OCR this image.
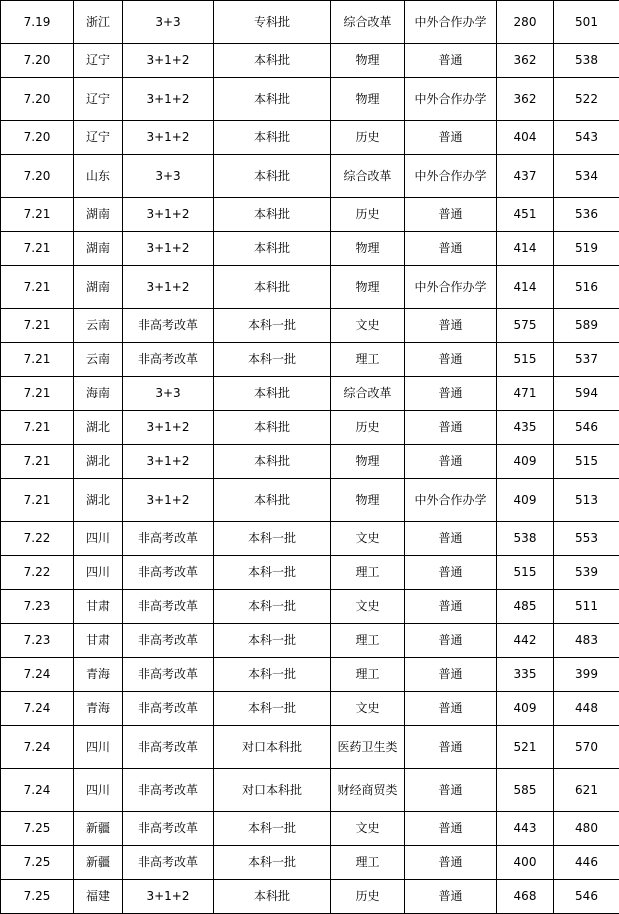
7.19	浙江	3+3	专科批	综合改革	中外合作办学	280	501
7.20	辽宁	3+1+2	本科批	物理	普通	362	538
7.20	辽宁	3+1+2	本科批	物理	中外合作办学	362	522
7.20	辽宁	3+1+2	本科批	历史	普通	404	543
7.20	山东	3+3	本科批	综合改革	中外合作办学	437	534
7.21	湖南	3+1+2	本科批	历史	普通	451	536
7.21	湖南	3+1+2	本科批	物理	普通	414	519
7.21	湖南	3+1+2	本科批	物理	中外合作办学	414	516
7.21	云南	非高考改革	本科一批	文史	普通	575	589
7.21	云南	非高考改革	本科一批	理工	普通	515	537
7.21	海南	3+3	本科批	综合改革	普通	471	594
7.21	湖北	3+1+2	本科批	历史	普通	435	546
7.21	湖北	3+1+2	本科批	物理	普通	409	515
7.21	湖北	3+1+2	本科批	物理	中外合作办学	409	513
7.22	四川	非高考改革	本科一批	文史	普通	538	553
7.22	四川	非高考改革	本科一批	理工	普通	515	539
7.23	甘肃	非高考改革	本科一批	文史	普通	485	511
7.23	甘肃	非高考改革	本科一批	理工	普通	442	483
7.24	青海	非高考改革	本科一批	理工	普通	335	399
7.24	青海	非高考改革	本科一批	文史	普通	409	448
7.24	四川	非高考改革	对口本科批	医药卫生类	普通	521	570
7.24	四川	非高考改革	对口本科批	财经商贸类	普通	585	621
7.25	新疆	非高考改革	本科一批	文史	普通	443	480
7.25	新疆	非高考改革	本科一批	理工	普通	400	446
7.25	福建	3+1+2	本科批	历史	普通	468	546
